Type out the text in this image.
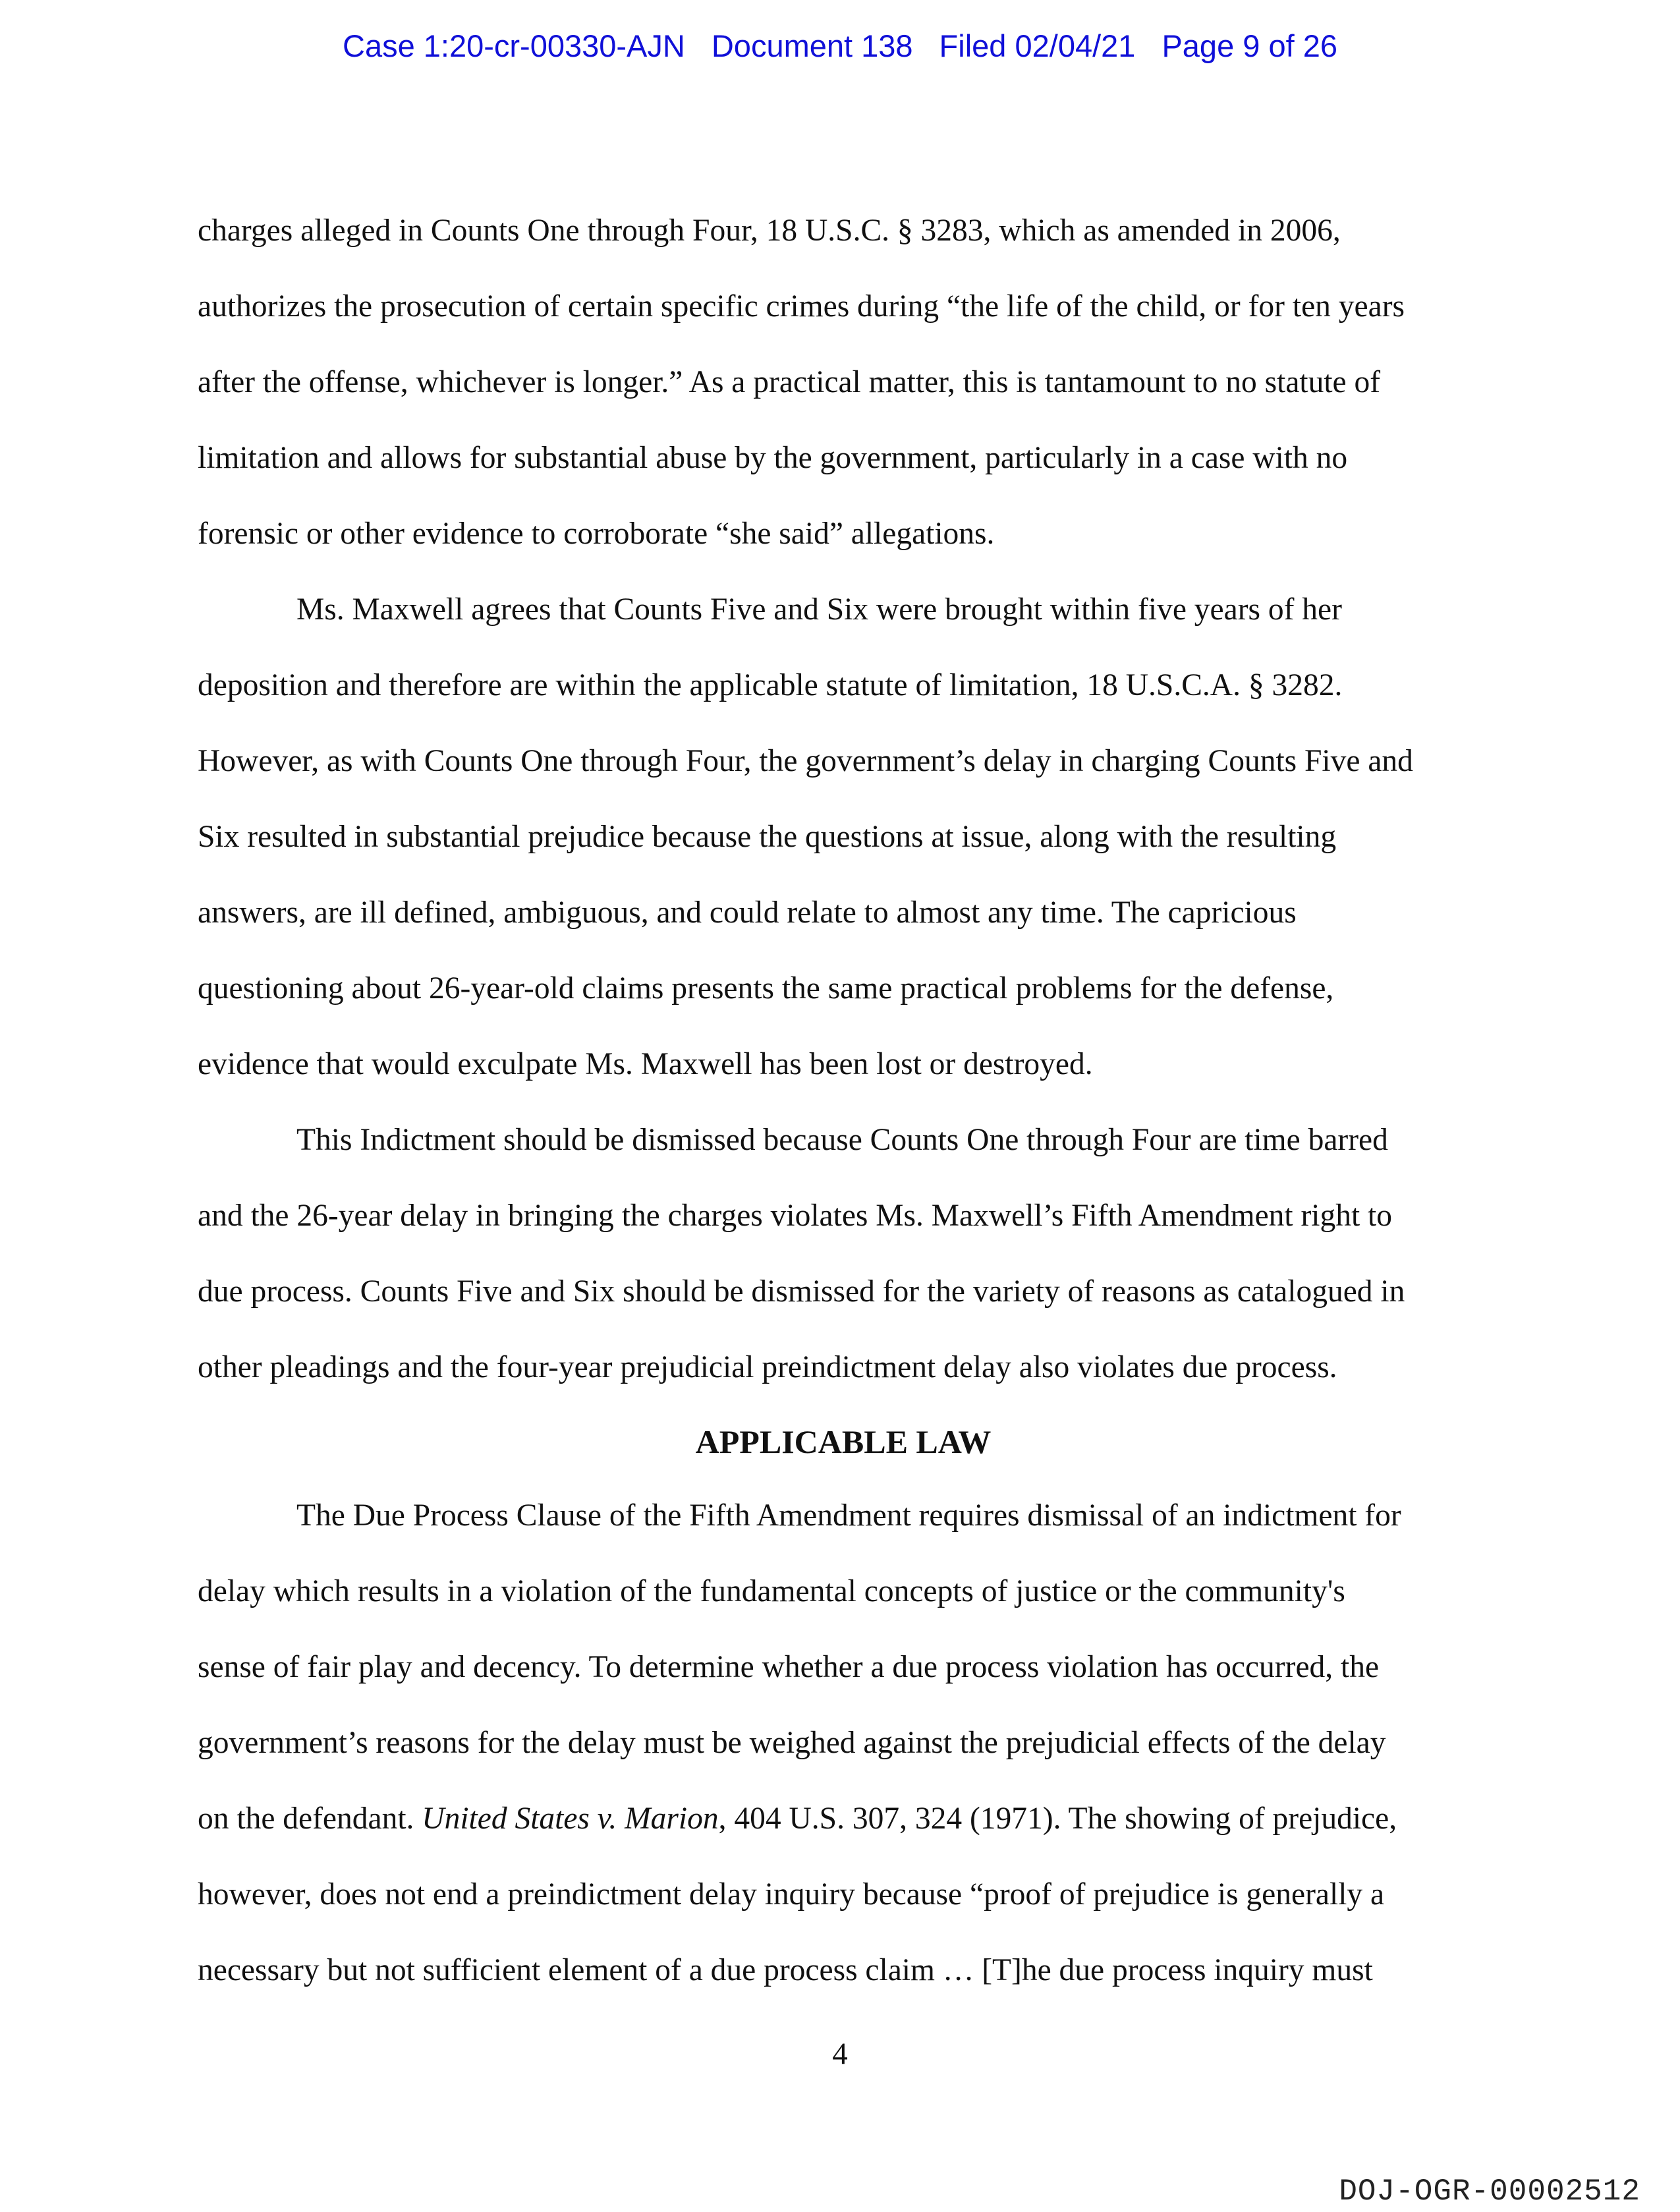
Case 1:20-cr-00330-AJN Document 138 Filed 02/04/21 Page 9 of 26
charges alleged in Counts One through Four, 18 U.S.C. § 3283, which as amended in 2006,
authorizes the prosecution of certain specific crimes during “the life of the child, or for ten years
after the offense, whichever is longer.” As a practical matter, this is tantamount to no statute of
limitation and allows for substantial abuse by the government, particularly in a case with no
forensic or other evidence to corroborate “she said” allegations.
Ms. Maxwell agrees that Counts Five and Six were brought within five years of her
deposition and therefore are within the applicable statute of limitation, 18 U.S.C.A. § 3282.
However, as with Counts One through Four, the government’s delay in charging Counts Five and
Six resulted in substantial prejudice because the questions at issue, along with the resulting
answers, are ill defined, ambiguous, and could relate to almost any time. The capricious
questioning about 26-year-old claims presents the same practical problems for the defense,
evidence that would exculpate Ms. Maxwell has been lost or destroyed.
This Indictment should be dismissed because Counts One through Four are time barred
and the 26-year delay in bringing the charges violates Ms. Maxwell’s Fifth Amendment right to
due process. Counts Five and Six should be dismissed for the variety of reasons as catalogued in
other pleadings and the four-year prejudicial preindictment delay also violates due process.
APPLICABLE LAW
The Due Process Clause of the Fifth Amendment requires dismissal of an indictment for
delay which results in a violation of the fundamental concepts of justice or the community's
sense of fair play and decency. To determine whether a due process violation has occurred, the
government’s reasons for the delay must be weighed against the prejudicial effects of the delay
on the defendant. United States v. Marion, 404 U.S. 307, 324 (1971). The showing of prejudice,
however, does not end a preindictment delay inquiry because “proof of prejudice is generally a
necessary but not sufficient element of a due process claim … [T]he due process inquiry must
4
DOJ-OGR-00002512
